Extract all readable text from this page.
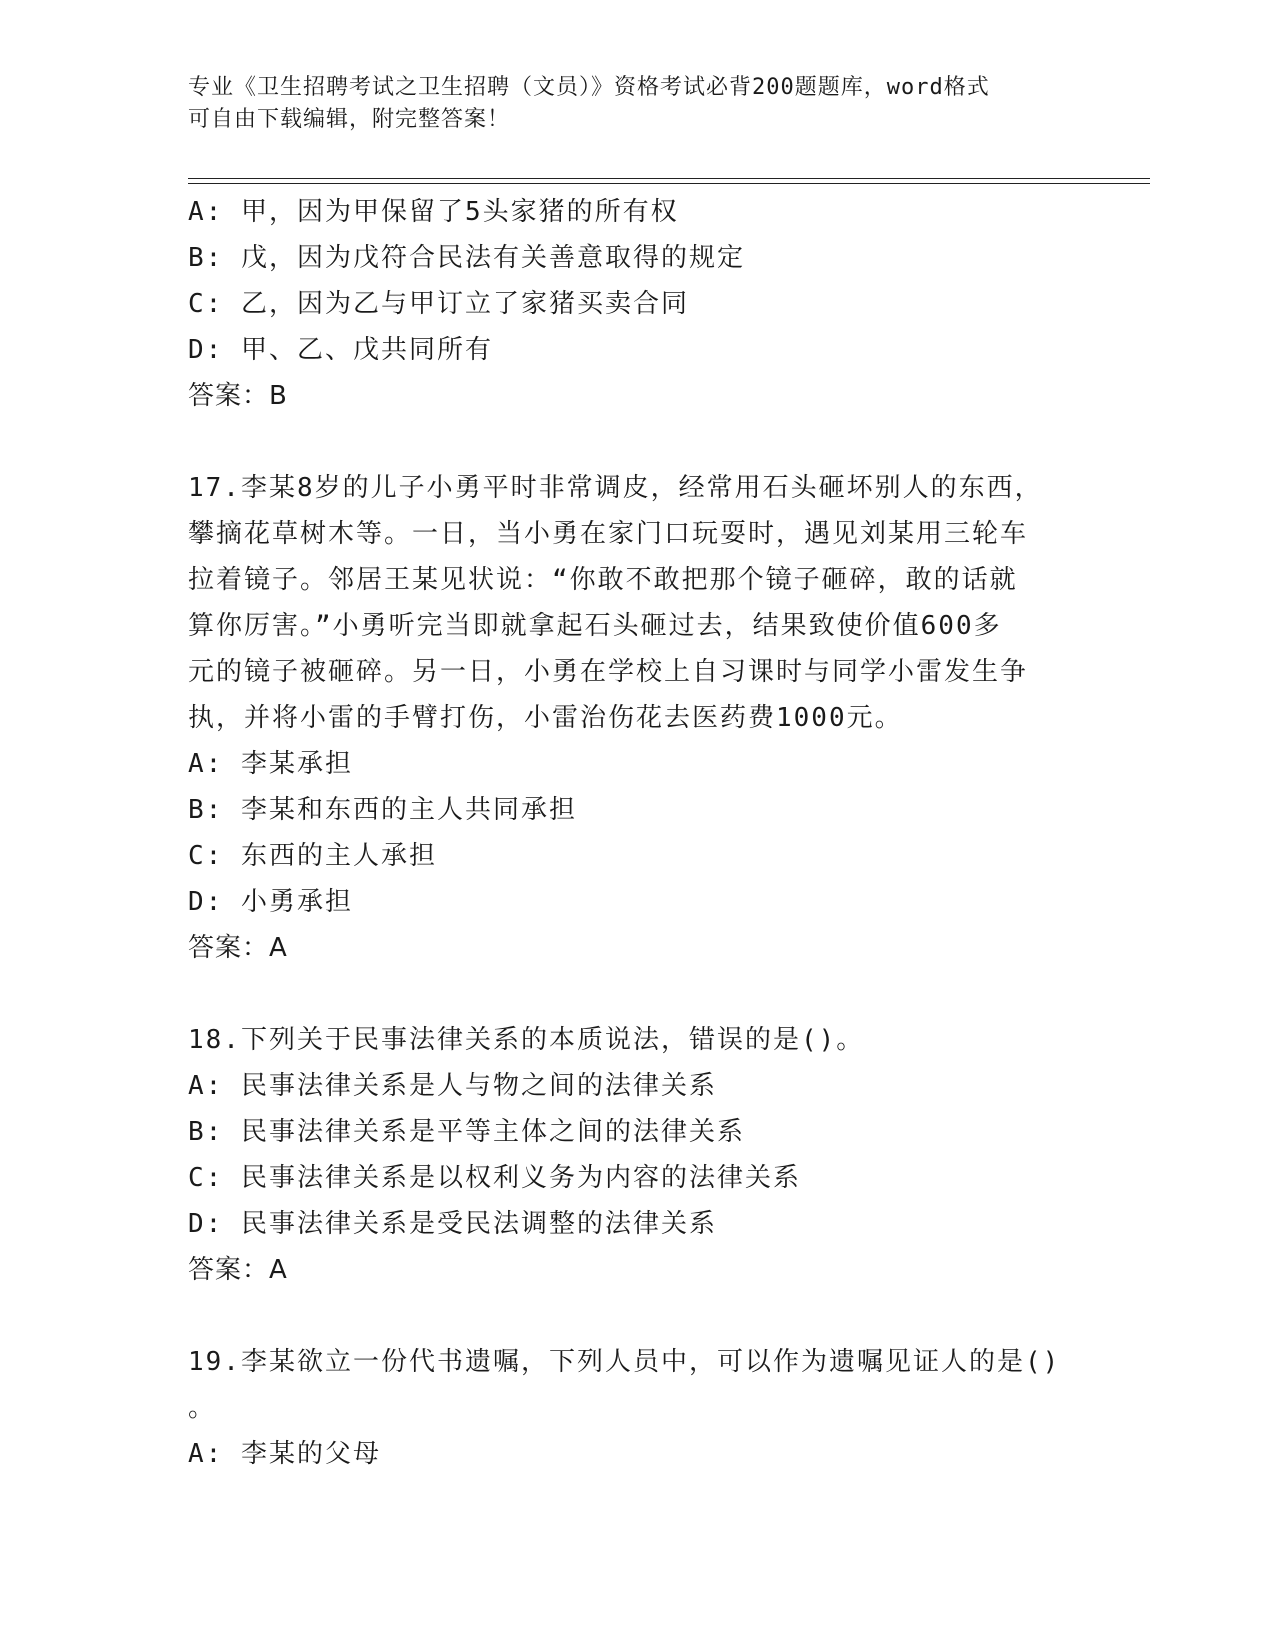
专业《卫生招聘考试之卫生招聘（文员）》资格考试必背200题题库，word格式
可自由下载编辑，附完整答案！
A: 甲，因为甲保留了5头家猪的所有权
B: 戊，因为戊符合民法有关善意取得的规定
C: 乙，因为乙与甲订立了家猪买卖合同
D: 甲、乙、戊共同所有
答案：B
17.李某8岁的儿子小勇平时非常调皮，经常用石头砸坏别人的东西，
攀摘花草树木等。一日，当小勇在家门口玩耍时，遇见刘某用三轮车
拉着镜子。邻居王某见状说：“你敢不敢把那个镜子砸碎，敢的话就
算你厉害。”小勇听完当即就拿起石头砸过去，结果致使价值600多
元的镜子被砸碎。另一日，小勇在学校上自习课时与同学小雷发生争
执，并将小雷的手臂打伤，小雷治伤花去医药费1000元。
A: 李某承担
B: 李某和东西的主人共同承担
C: 东西的主人承担
D: 小勇承担
答案：A
18.下列关于民事法律关系的本质说法，错误的是()。
A: 民事法律关系是人与物之间的法律关系
B: 民事法律关系是平等主体之间的法律关系
C: 民事法律关系是以权利义务为内容的法律关系
D: 民事法律关系是受民法调整的法律关系
答案：A
19.李某欲立一份代书遗嘱，下列人员中，可以作为遗嘱见证人的是()
。
A: 李某的父母
